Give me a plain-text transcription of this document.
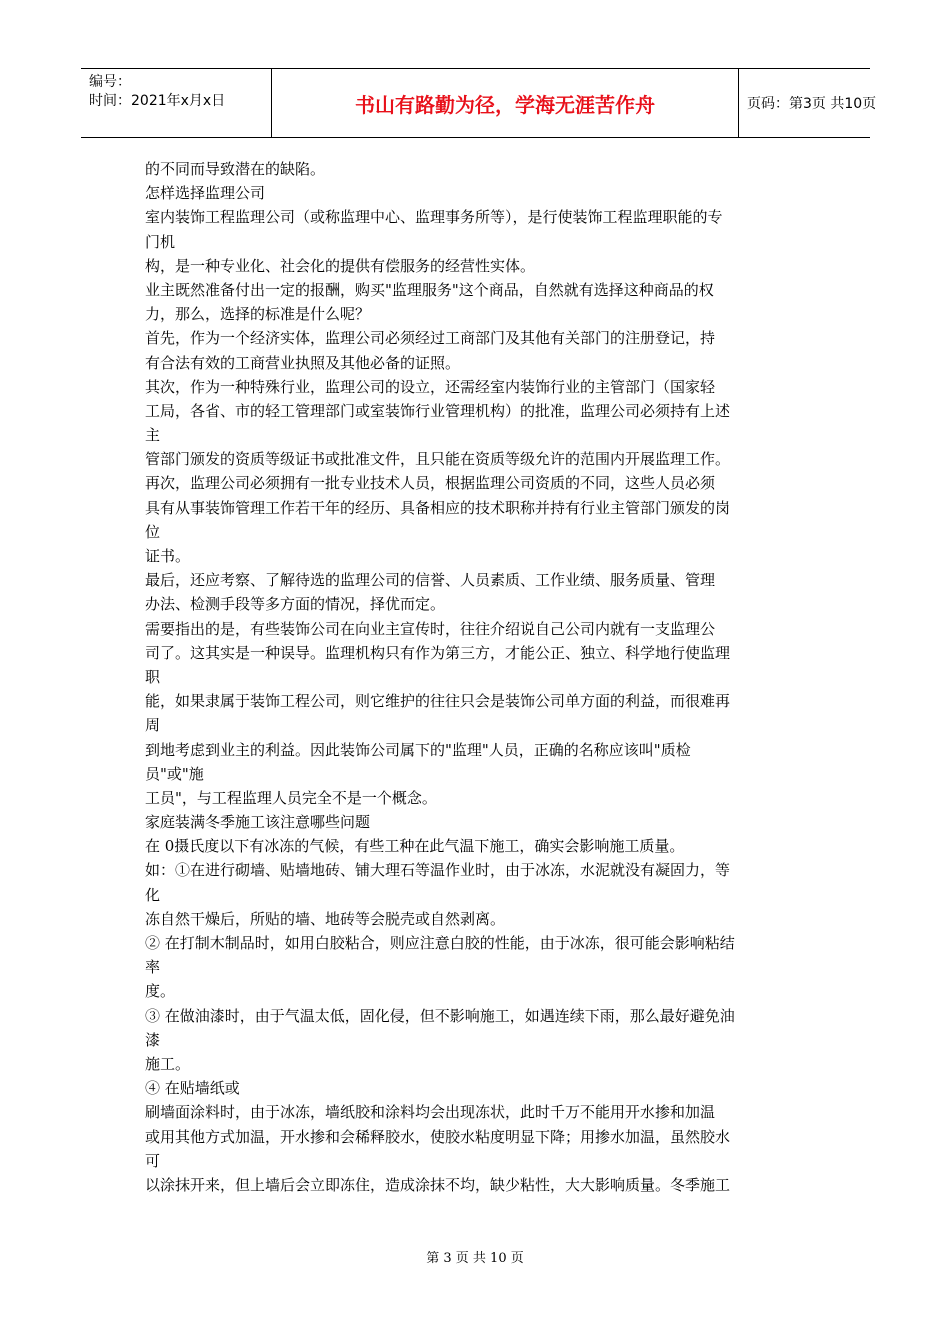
编号：
时间：2021年x月x日	书山有路勤为径，学海无涯苦作舟	页码：第3页 共10页
的不同而导致潜在的缺陷。
怎样选择监理公司
室内装饰工程监理公司（或称监理中心、监理事务所等），是行使装饰工程监理职能的专
门机
构，是一种专业化、社会化的提供有偿服务的经营性实体。
业主既然准备付出一定的报酬，购买"监理服务"这个商品，自然就有选择这种商品的权
力，那么，选择的标准是什么呢？
首先，作为一个经济实体，监理公司必须经过工商部门及其他有关部门的注册登记，持
有合法有效的工商营业执照及其他必备的证照。
其次，作为一种特殊行业，监理公司的设立，还需经室内装饰行业的主管部门（国家轻
工局，各省、市的轻工管理部门或室装饰行业管理机构）的批准，监理公司必须持有上述
主
管部门颁发的资质等级证书或批准文件，且只能在资质等级允许的范围内开展监理工作。
再次，监理公司必须拥有一批专业技术人员，根据监理公司资质的不同，这些人员必须
具有从事装饰管理工作若干年的经历、具备相应的技术职称并持有行业主管部门颁发的岗
位
证书。
最后，还应考察、了解待选的监理公司的信誉、人员素质、工作业绩、服务质量、管理
办法、检测手段等多方面的情况，择优而定。
需要指出的是，有些装饰公司在向业主宣传时，往往介绍说自己公司内就有一支监理公
司了。这其实是一种误导。监理机构只有作为第三方，才能公正、独立、科学地行使监理
职
能，如果隶属于装饰工程公司，则它维护的往往只会是装饰公司单方面的利益，而很难再
周
到地考虑到业主的利益。因此装饰公司属下的"监理"人员，正确的名称应该叫"质检
员"或"施
工员"，与工程监理人员完全不是一个概念。
家庭装满冬季施工该注意哪些问题
在 0摄氏度以下有冰冻的气候，有些工种在此气温下施工，确实会影响施工质量。
如：①在进行砌墙、贴墙地砖、铺大理石等温作业时，由于冰冻，水泥就没有凝固力，等
化
冻自然干燥后，所贴的墙、地砖等会脱壳或自然剥离。
② 在打制木制品时，如用白胶粘合，则应注意白胶的性能，由于冰冻，很可能会影响粘结
率
度。
③ 在做油漆时，由于气温太低，固化侵，但不影响施工，如遇连续下雨，那么最好避免油
漆
施工。
④ 在贴墙纸或
刷墙面涂料时，由于冰冻，墙纸胶和涂料均会出现冻状，此时千万不能用开水掺和加温
或用其他方式加温，开水掺和会稀释胶水，使胶水粘度明显下降；用掺水加温，虽然胶水
可
以涂抹开来，但上墙后会立即冻住，造成涂抹不均，缺少粘性，大大影响质量。冬季施工
第 3 页 共 10 页
